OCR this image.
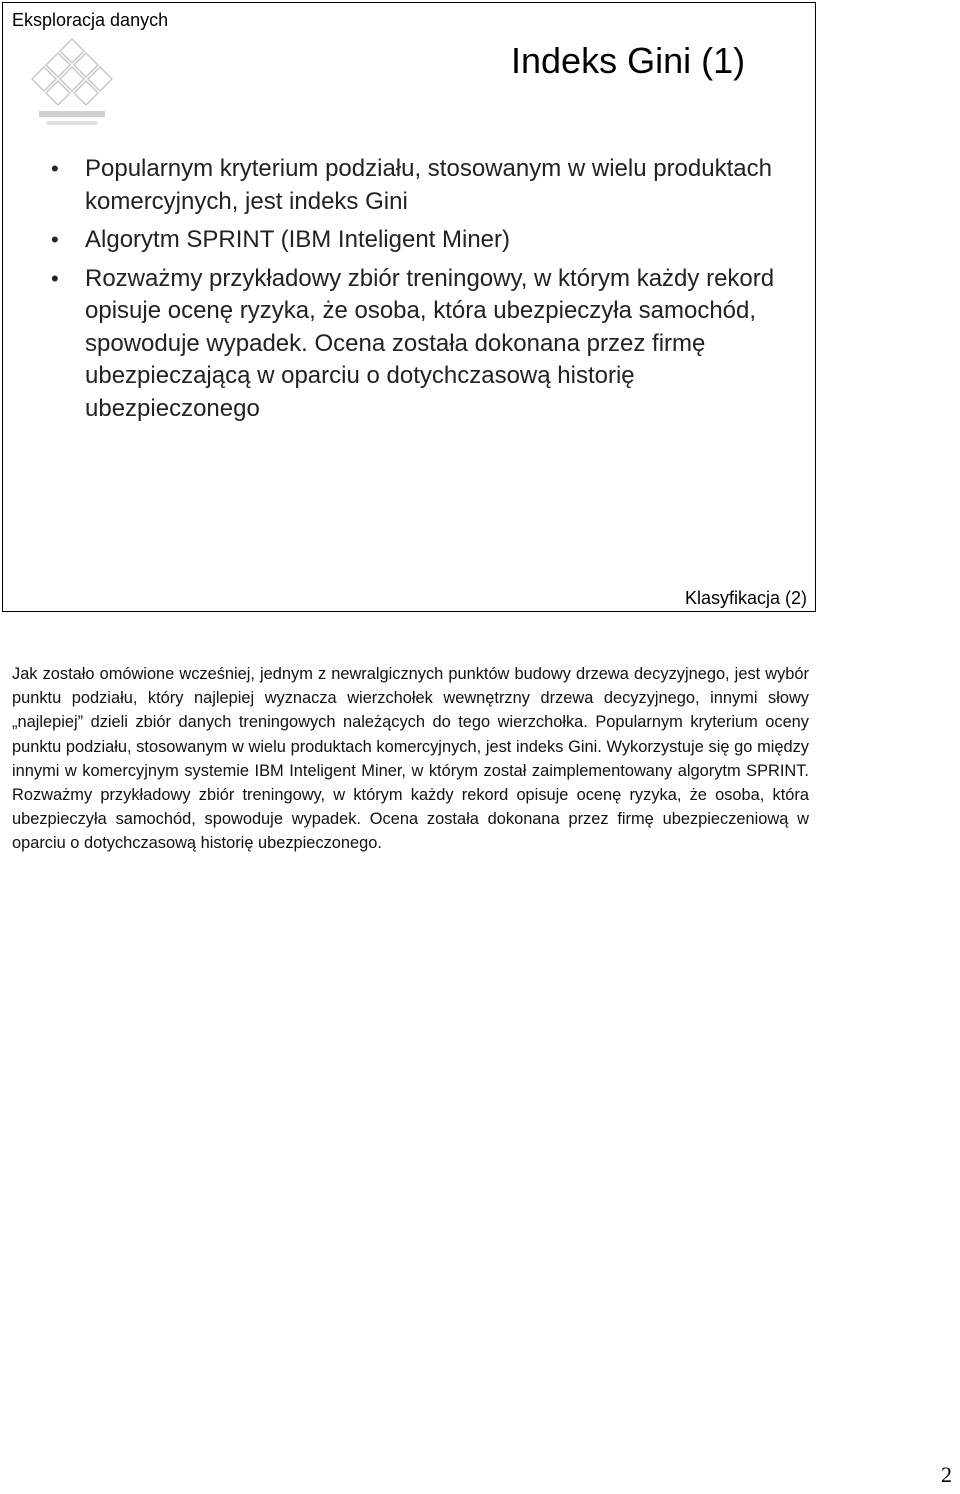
Eksploracja danych
Indeks Gini (1)
• Popularnym kryterium podziału, stosowanym w wielu produktach komercyjnych, jest indeks Gini
• Algorytm SPRINT (IBM Inteligent Miner)
• Rozważmy przykładowy zbiór treningowy, w którym każdy rekord opisuje ocenę ryzyka, że osoba, która ubezpieczyła samochód, spowoduje wypadek. Ocena została dokonana przez firmę ubezpieczającą w oparciu o dotychczasową historię ubezpieczonego
Klasyfikacja (2)

Jak zostało omówione wcześniej, jednym z newralgicznych punktów budowy drzewa decyzyjnego, jest wybór punktu podziału, który najlepiej wyznacza wierzchołek wewnętrzny drzewa decyzyjnego, innymi słowy „najlepiej” dzieli zbiór danych treningowych należących do tego wierzchołka. Popularnym kryterium oceny punktu podziału, stosowanym w wielu produktach komercyjnych, jest indeks Gini. Wykorzystuje się go między innymi w komercyjnym systemie IBM Inteligent Miner, w którym został zaimplementowany algorytm SPRINT. Rozważmy przykładowy zbiór treningowy, w którym każdy rekord opisuje ocenę ryzyka, że osoba, która ubezpieczyła samochód, spowoduje wypadek. Ocena została dokonana przez firmę ubezpieczeniową w oparciu o dotychczasową historię ubezpieczonego.

2
